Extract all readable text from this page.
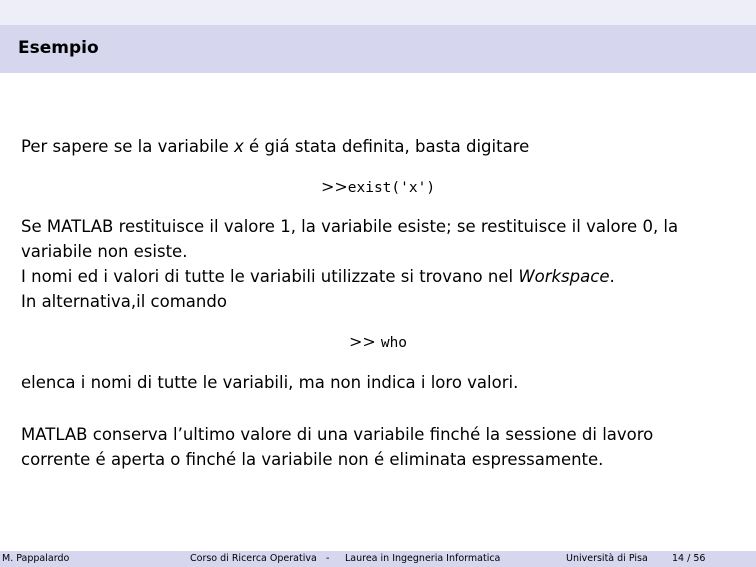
Esempio
Per sapere se la variabile x é giá stata definita, basta digitare
>>exist('x')
Se MATLAB restituisce il valore 1, la variabile esiste; se restituisce il valore 0, la
variabile non esiste.
I nomi ed i valori di tutte le variabili utilizzate si trovano nel Workspace.
In alternativa,il comando
>> who
elenca i nomi di tutte le variabili, ma non indica i loro valori.
MATLAB conserva l’ultimo valore di una variabile finché la sessione di lavoro
corrente é aperta o finché la variabile non é eliminata espressamente.
M. Pappalardo	Corso di Ricerca Operativa - Laurea in Ingegneria Informatica	Università di Pisa	14 / 56
